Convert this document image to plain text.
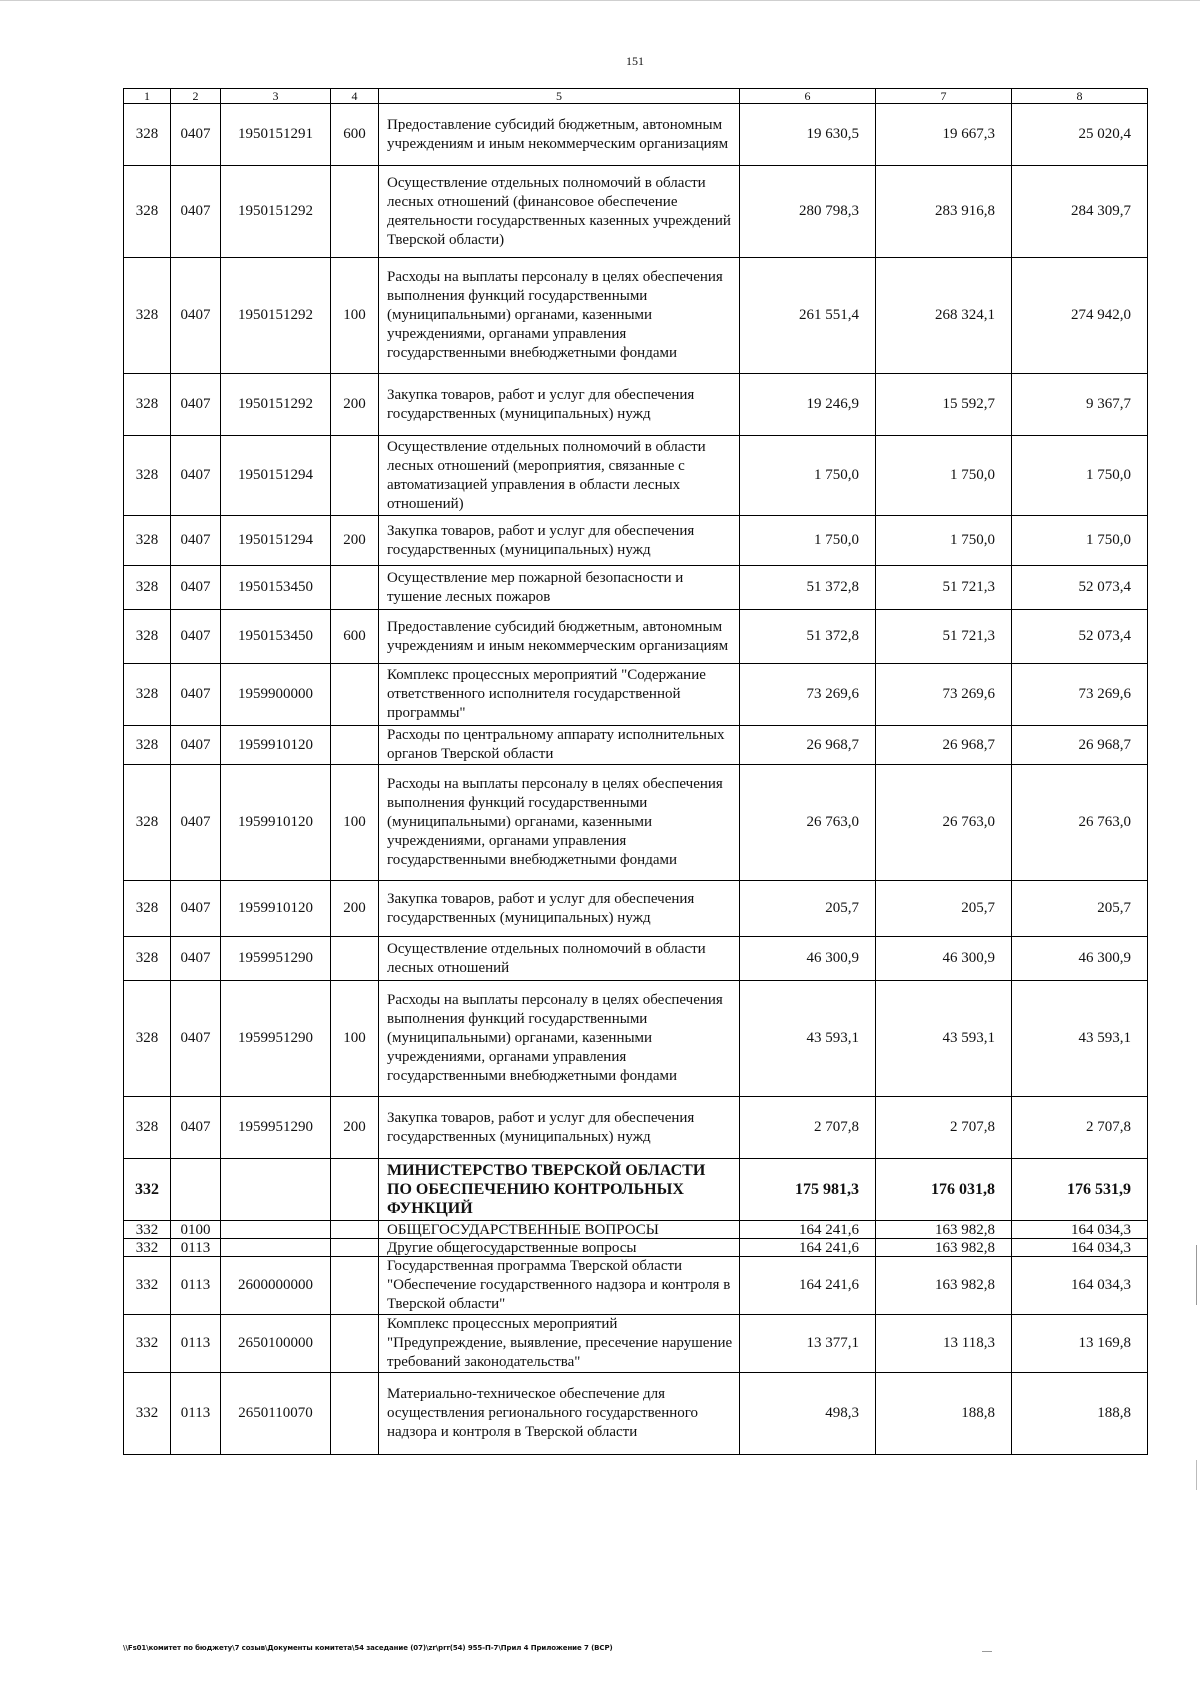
151
1	2	3	4	5	6	7	8
328	0407	1950151291	600	Предоставление субсидий бюджетным, автономным учреждениям и иным некоммерческим организациям	19 630,5	19 667,3	25 020,4
328	0407	1950151292		Осуществление отдельных полномочий в области лесных отношений (финансовое обеспечение деятельности государственных казенных учреждений Тверской области)	280 798,3	283 916,8	284 309,7
328	0407	1950151292	100	Расходы на выплаты персоналу в целях обеспечения выполнения функций государственными (муниципальными) органами, казенными учреждениями, органами управления государственными внебюджетными фондами	261 551,4	268 324,1	274 942,0
328	0407	1950151292	200	Закупка товаров, работ и услуг для обеспечения государственных (муниципальных) нужд	19 246,9	15 592,7	9 367,7
328	0407	1950151294		Осуществление отдельных полномочий в области лесных отношений (мероприятия, связанные с автоматизацией управления в области лесных отношений)	1 750,0	1 750,0	1 750,0
328	0407	1950151294	200	Закупка товаров, работ и услуг для обеспечения государственных (муниципальных) нужд	1 750,0	1 750,0	1 750,0
328	0407	1950153450		Осуществление мер пожарной безопасности и тушение лесных пожаров	51 372,8	51 721,3	52 073,4
328	0407	1950153450	600	Предоставление субсидий бюджетным, автономным учреждениям и иным некоммерческим организациям	51 372,8	51 721,3	52 073,4
328	0407	1959900000		Комплекс процессных мероприятий "Содержание ответственного исполнителя государственной программы"	73 269,6	73 269,6	73 269,6
328	0407	1959910120		Расходы по центральному аппарату исполнительных органов Тверской области	26 968,7	26 968,7	26 968,7
328	0407	1959910120	100	Расходы на выплаты персоналу в целях обеспечения выполнения функций государственными (муниципальными) органами, казенными учреждениями, органами управления государственными внебюджетными фондами	26 763,0	26 763,0	26 763,0
328	0407	1959910120	200	Закупка товаров, работ и услуг для обеспечения государственных (муниципальных) нужд	205,7	205,7	205,7
328	0407	1959951290		Осуществление отдельных полномочий в области лесных отношений	46 300,9	46 300,9	46 300,9
328	0407	1959951290	100	Расходы на выплаты персоналу в целях обеспечения выполнения функций государственными (муниципальными) органами, казенными учреждениями, органами управления государственными внебюджетными фондами	43 593,1	43 593,1	43 593,1
328	0407	1959951290	200	Закупка товаров, работ и услуг для обеспечения государственных (муниципальных) нужд	2 707,8	2 707,8	2 707,8
332				МИНИСТЕРСТВО ТВЕРСКОЙ ОБЛАСТИ ПО ОБЕСПЕЧЕНИЮ КОНТРОЛЬНЫХ ФУНКЦИЙ	175 981,3	176 031,8	176 531,9
332	0100			ОБЩЕГОСУДАРСТВЕННЫЕ ВОПРОСЫ	164 241,6	163 982,8	164 034,3
332	0113			Другие общегосударственные вопросы	164 241,6	163 982,8	164 034,3
332	0113	2600000000		Государственная программа Тверской области "Обеспечение государственного надзора и контроля в Тверской области"	164 241,6	163 982,8	164 034,3
332	0113	2650100000		Комплекс процессных мероприятий "Предупреждение, выявление, пресечение нарушение требований законодательства"	13 377,1	13 118,3	13 169,8
332	0113	2650110070		Материально-техническое обеспечение для осуществления регионального государственного надзора и контроля в Тверской области	498,3	188,8	188,8
\\Fs01\комитет по бюджету\7 созыв\Документы комитета\54 заседание (07)\zr\prr(54) 955-П-7\Прил 4 Приложение 7 (ВСР)
